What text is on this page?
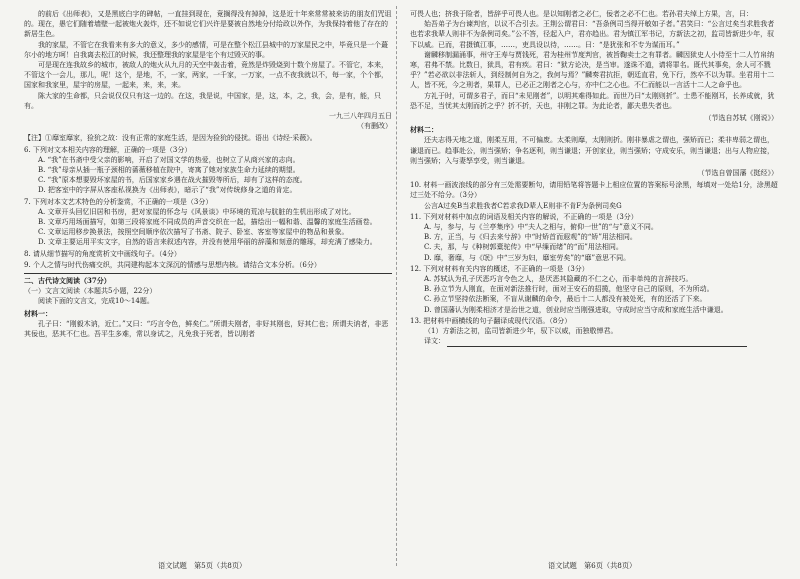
的前后《出师表》，又是黑底白字的碑帖，一直挂到现在，竟搁得没有掉掉，这是近十年来常常被来访的朋友们咒诅的。现在，愚它们随着墙壁一起被炮火轰炸，还不如说它们兴许是要被自然地分付给政以外作，为我保持着他了存在的新居生色。

我的家屋，不管它在我看来有多大的意义，多少的感情，可是在整个松江县城中的万家屋民之中，毕竟只是一个蕞尔小的地方呵！自我离去松江的时候，我还整理我的家屋是宅个有过毁灭的事。

可是现在连我故乡的城市，被敌人的炮火从九月的天空中轰击着，竟然是炸毁烧到十数个房屋了。不管它，本来，不管这个一会儿，那儿，呢！这个，是地，不，一家，两家，一千家，一万家，一点不夜我就以不，每一家，个个都，国家和我家里，屋宇的房屋，一起来，来，来，来。

陈大家的生命都，只会说仅仅只有这一边的。在这，我是说，中国家，是，这，本，之，我，会，是有，能，只有。

一九三八年四月五日

（有删改）

【注】①靡室靡家，猃狁之故：没有正常的家庭生活，是因为猃狁的侵扰。语出《诗经·采薇》。

6. 下列对文本相关内容的理解，正确的一项是（3分）

A. “我”在书斋中受父亲的影响，开启了对国文学的热爱，也树立了从商兴家的志向。

B. “我”母亲从插一瓶子颈相的蔷薇移植在院中，寄寓了她对家族生命力延续的期望。

C. “我”原本想要毁坏家屋的书，后国家家乡遇在战火摧毁等所后，却有了这样的态度。

D. 把客室中的字屏从客座私视换为《出师表》，暗示了“我”对传统修身之道的肯定。

7. 下列对本文艺术特色的分析鉴赏，不正确的一项是（3分）

A. 文章开头回忆旧居和书房，把对家屋的怀念与《风景谈》中环境的荒凉与肮脏的生机出形成了对比。

B. 文章巧用场面描写，如第三段将家庭不同成员的声音交织在一起，描绘出一幅和谐、温馨的家庭生活画卷。

C. 文章运用移步换景法，按照空间顺序依次描写了书斋、院子、卧室、客室等家屋中的物品和景象。

D. 文章主要运用平实文字，自然的语言来叙述内容，并没有使用华丽的辞藻和刻意的雕琢，却充满了感染力。

8. 请从细节描写的角度赏析文中画线句子。（4分）

9. 个人之情与时代伤痛交织，共同建构起本文深沉的情感与思想内核。请结合文本分析。（6分）

二、古代诗文阅读（37分）

（一）文言文阅读（本题共5小题，22分）

阅读下面的文言文，完成10～14题。

材料一：

孔子曰：“刚毅木讷，近仁。”又曰：“巧言令色，鲜矣仁。”所谓夫刚者，非好其刚也，好其仁也；所谓夫讷者，非恶其佞也，恶其不仁也。吾平生多难，常以身试之，凡免我于死者，皆以刚者

可畏人也；挤我于险者，皆辞乎可畏人也。是以知刚者之必仁，佞者之必不仁也。若孙君夫绰上方果，言，曰：

始吾弟子为台谏判官，以议不合引去。王荆公谓君曰：“吾条例司当得开敏如子者。”君笑曰：“公言过矣当求胜我者也若求我辈人则非不为条例司矣。”公不答，径起入户，君亦趋出。君为镇江军书记，方新法之初，监司皆新进少年，驭下以威。已而，君摄镇江事，……，吏具设以待，……。曰：“是犹张和不专为谋而耳。”

谢麟移制漏涌事，州守王寿与贾钱死，君为桂州节度判官，被旨鞠卖士之有罪者。麟因狱史人小侍至十二人竹帛纳寒，君弗不禁。比数日，狱具，君有疾。君曰：“狱方论决，是当审。遂诛不道，请将罪名。既代其事矣，余人可不戮乎？”若必欲以非法斩人，到经制何自为之，我何与焉？”麟奏君抗拒，朝廷直君，免下行，然卒不以为罪。坐君用十二人，皆不死，今之刑者，果罪人，已必正之刚者之心与，亦中仁之心也。不仁而能以一言活十二人之命乎也。

方礼于时，可谓多君子，而曰“未见刚者”，以明其难得如此。而世乃曰“太刚则折”。士患不能刚耳，长养成就，犹恐不足，当忧其太刚而折之乎？折不折，天也，非刚之罪。为此论者，鄙夫患失者也。

（节选自苏轼《刚说》）

材料二：

还夫志得天地之道，刚柔互用，不可偏废。太柔则靡，太刚则折。刚非暴虐之谓也，强矫而已；柔非卑弱之谓也，谦退而已。趋事赴公，则当强矫；争名逐利，则当谦退；开创家业，则当强矫；守成安乐，则当谦退；出与人物应接，则当强矫；入与妻孥享受，则当谦退。

（节选自曾国藩《挺经》）

10. 材料一画波浪线的部分有三处需要断句，请用铅笔将答题卡上相应位置的答案标号涂黑，每填对一处给1分，涂黑超过三处不给分。（3分）

公言A过矣B当求胜我者C若求我D辈人E则非不肯F为条例司矣G

11. 下列对材料中加点的词语及相关内容的解说，不正确的一项是（3分）

A. 与，参与，与《兰亭集序》中“夫人之相与，俯仰一世”的“与”意义不同。

B. 方，正当，与《归去来兮辞》中“时矫首而遐观”的“矫”用法相同。

C. 夫，那，与《种树郭橐驼传》中“早缫而绪”的“而”用法相同。

D. 靡，奢靡，与《氓》中“三岁为妇，靡室劳矣”的“靡”意思不同。

12. 下列对材料有关内容的概述，不正确的一项是（3分）

A. 苏轼认为孔子厌恶巧言令色之人，是厌恶其隐藏的不仁之心，而非单纯的言辞技巧。

B. 孙立节为人刚直，在面对新法推行时，面对王安石的招揽，他坚守自己的原则，不为所动。

C. 孙立节坚持依法断案，不盲从谢麟的命令，最后十二人都没有被处死，有的还活了下来。

D. 曾国藩认为刚柔相济才是治世之道，创业时应当刚强进取，守成时应当守成和家庭生活中谦退。

13. 把材料中画横线的句子翻译成现代汉语。（8分）

（1）方新法之初，监司皆新进少年，驭下以威，而独敬惮君。

译文：

语文试题　第5页（共8页）	语文试题　第6页（共8页）
